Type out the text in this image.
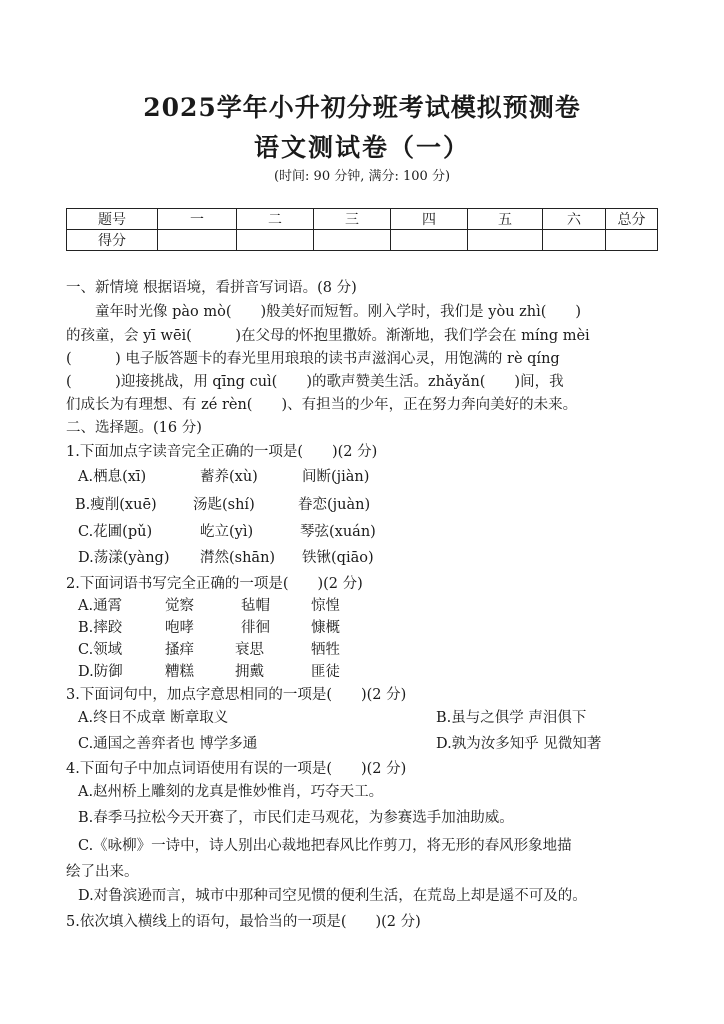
2025学年小升初分班考试模拟预测卷
语文测试卷（一）
(时间: 90 分钟, 满分: 100 分)
题号	一	二	三	四	五	六	总分
得分							
一、新情境 根据语境，看拼音写词语。(8 分)
　　童年时光像 pào mò(　　)般美好而短暂。刚入学时，我们是 yòu zhì(　　)
的孩童，会 yī wēi(　　　)在父母的怀抱里撒娇。渐渐地，我们学会在 míng mèi
(　　　) 电子版答题卡的春光里用琅琅的读书声滋润心灵，用饱满的 rè qíng
(　　　)迎接挑战，用 qīng cuì(　　)的歌声赞美生活。zhǎyǎn(　　)间，我
们成长为有理想、有 zé rèn(　　)、有担当的少年，正在努力奔向美好的未来。
二、选择题。(16 分)
1.下面加点字读音完全正确的一项是(　　)(2 分)
A.栖息(xī)	蓄养(xù)	间断(jiàn)
B.瘦削(xuē)	汤匙(shí)	眷恋(juàn)
C.花圃(pǔ)	屹立(yì)	琴弦(xuán)
D.荡漾(yàng) 潸然(shān) 铁锹(qiāo)
2.下面词语书写完全正确的一项是(　　)(2 分)
A.通霄	觉察	毡帽	惊惶
B.摔跤	咆哮	徘徊	慷概
C.领域	搔痒	衰思	牺牲
D.防御	糟糕	拥戴	匪徒
3.下面词句中，加点字意思相同的一项是(　　)(2 分)
A.终日不成章 断章取义	B.虽与之俱学 声泪俱下
C.通国之善弈者也 博学多通	D.孰为汝多知乎 见微知著
4.下面句子中加点词语使用有误的一项是(　　)(2 分)
A.赵州桥上雕刻的龙真是惟妙惟肖，巧夺天工。
B.春季马拉松今天开赛了，市民们走马观花，为参赛选手加油助威。
C.《咏柳》一诗中，诗人别出心裁地把春风比作剪刀，将无形的春风形象地描
绘了出来。
D.对鲁滨逊而言，城市中那种司空见惯的便利生活，在荒岛上却是遥不可及的。
5.依次填入横线上的语句，最恰当的一项是(　　)(2 分)
